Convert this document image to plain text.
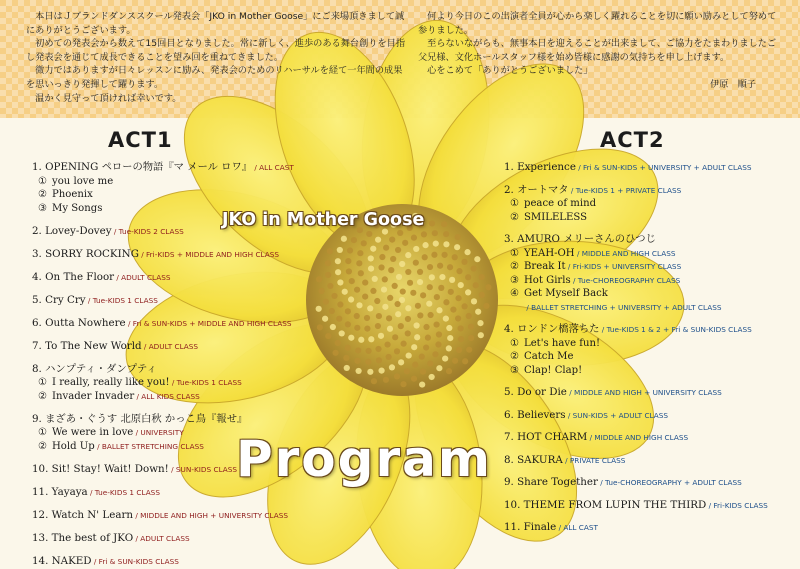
　本日はＪブランドダンススクール発表会「JKO in Mother Goose」にご来場頂きまして誠にありがとうございます。

　初めての発表会から数えて15回目となりました。常に新しく、進歩のある舞台創りを目指し発表会を通じて成長できることを望み回を重ねてきました。

　微力ではありますが日々レッスンに励み、発表会のためのリハーサルを経て一年間の成果を思いっきり発揮して躍ります。

　温かく見守って頂ければ幸いです。

　何より今日のこの出演者全員が心から楽しく躍れることを切に願い励みとして努めて参りました。

　至らないながらも、無事本日を迎えることが出来まして、ご協力をたまわりましたご父兄様、文化ホールスタッフ様を始め皆様に感謝の気持ちを申し上げます。

　心をこめて「ありがとうございました」

伊原　順子

ACT1	ACT2
JKO in Mother Goose
Program
1. OPENING ペローの物語『マ メール ロワ』 / ALL CAST
① you love me
② Phoenix
③ My Songs
2. Lovey-Dovey / Tue-KIDS 2 CLASS
3. SORRY ROCKING / Fri-KIDS + MIDDLE AND HIGH CLASS
4. On The Floor / ADULT CLASS
5. Cry Cry / Tue-KIDS 1 CLASS
6. Outta Nowhere / Fri & SUN-KIDS + MIDDLE AND HIGH CLASS
7. To The New World / ADULT CLASS
8. ハンプティ・ダンプティ
① I really, really like you! / Tue-KIDS 1 CLASS
② Invader Invader / ALL KIDS CLASS
9. まざあ・ぐうす 北原白秋 かっこ鳥『報せ』
① We were in love / UNIVERSITY
② Hold Up / BALLET STRETCHING CLASS
10. Sit! Stay! Wait! Down! / SUN-KIDS CLASS
11. Yayaya / Tue-KIDS 1 CLASS
12. Watch N' Learn / MIDDLE AND HIGH + UNIVERSITY CLASS
13. The best of JKO / ADULT CLASS
14. NAKED / Fri & SUN-KIDS CLASS
1. Experience / Fri & SUN-KIDS + UNIVERSITY + ADULT CLASS
2. オートマタ / Tue-KIDS 1 + PRIVATE CLASS
① peace of mind
② SMILELESS
3. AMURO メリーさんのひつじ
① YEAH-OH / MIDDLE AND HIGH CLASS
② Break It / Fri-KIDS + UNIVERSITY CLASS
③ Hot Girls / Tue-CHOREOGRAPHY CLASS
④ Get Myself Back
/ BALLET STRETCHING + UNIVERSITY + ADULT CLASS
4. ロンドン橋落ちた / Tue-KIDS 1 & 2 + Fri & SUN-KIDS CLASS
① Let's have fun!
② Catch Me
③ Clap! Clap!
5. Do or Die / MIDDLE AND HIGH + UNIVERSITY CLASS
6. Believers / SUN-KIDS + ADULT CLASS
7. HOT CHARM / MIDDLE AND HIGH CLASS
8. SAKURA / PRIVATE CLASS
9. Share Together / Tue-CHOREOGRAPHY + ADULT CLASS
10. THEME FROM LUPIN THE THIRD / Fri-KIDS CLASS
11. Finale / ALL CAST
